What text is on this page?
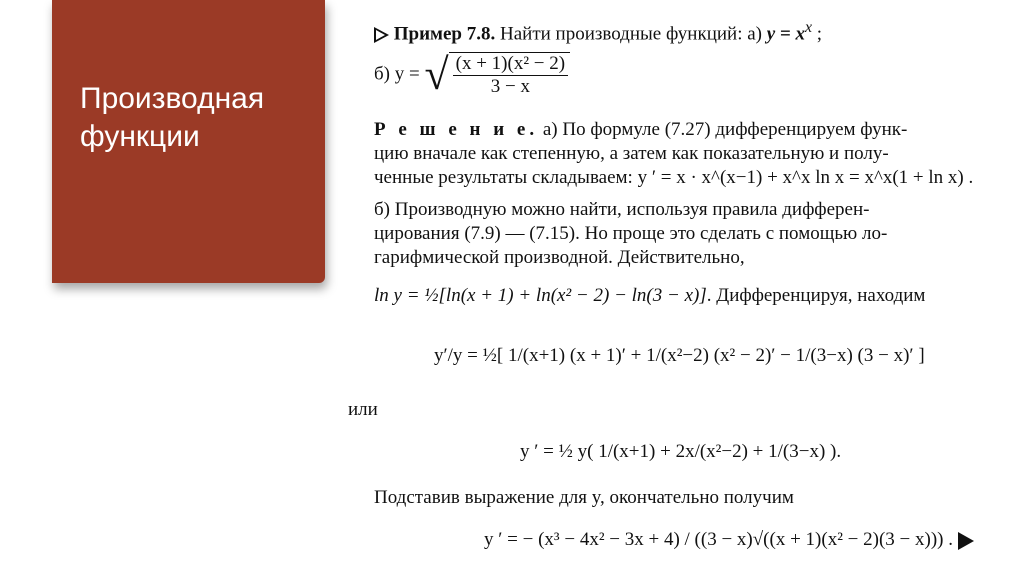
Производная
функции
Пример 7.8. Найти производные функций: а) $y = x^x$ ;
б) y = √ $\frac{\text{(x + 1)(x² − 2)}}{3 - x}$
Р е ш е н и е. а) По формуле (7.27) дифференцируем функ-
цию вначале как степенную, а затем как показательную и полу-
ченные результаты складываем: y ′ = x · x^(x−1) + x^x ln x = x^x(1 + ln x) .
б) Производную можно найти, используя правила дифферен-
цирования (7.9) — (7.15). Но проще это сделать с помощью ло-
гарифмической производной. Действительно,
ln y = ½[ln(x + 1) + ln(x² − 2) − ln(3 − x)]. Дифференцируя, находим
y′/y = ½[ 1/(x+1) (x + 1)′ + 1/(x²−2) (x² − 2)′ − 1/(3−x) (3 − x)′ ]
или
y ′ = ½ y( 1/(x+1) + 2x/(x²−2) + 1/(3−x) ).
Подставив выражение для y, окончательно получим
y ′ = − (x³ − 4x² − 3x + 4) / ((3 − x)√((x + 1)(x² − 2)(3 − x))) .
